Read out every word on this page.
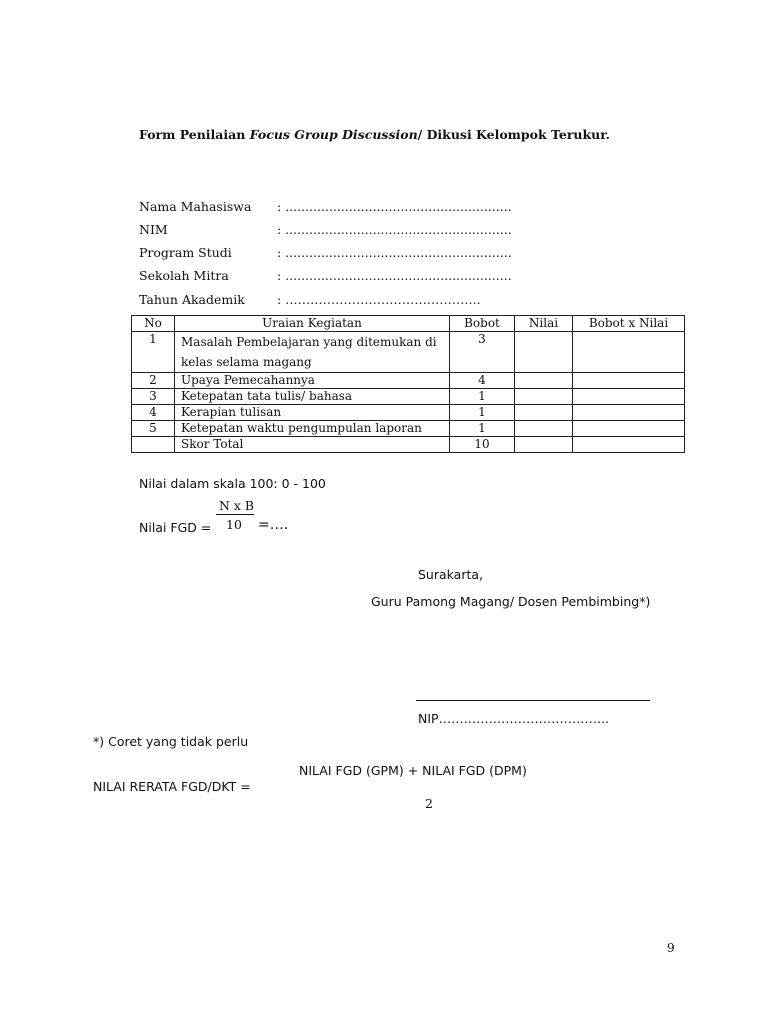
Form Penilaian Focus Group Discussion/ Dikusi Kelompok Terukur.
Nama Mahasiswa : .........................................................
NIM	: .........................................................
Program Studi	: .........................................................
Sekolah Mitra	: .........................................................
Tahun Akademik	: ………………………………………..
No	Uraian Kegiatan	Bobot	Nilai	Bobot x Nilai
1	Masalah Pembelajaran yang ditemukan di kelas selama magang	3		
2	Upaya Pemecahannya	4		
3	Ketepatan tata tulis/ bahasa	1		
4	Kerapian tulisan	1		
5	Ketepatan waktu pengumpulan laporan	1		
	Skor Total	10		
Nilai dalam skala 100: 0 - 100
N x B
Nilai FGD = 10 =….
Surakarta,
Guru Pamong Magang/ Dosen Pembimbing*)
NIP…………………………………..
*) Coret yang tidak perlu
NILAI FGD (GPM) + NILAI FGD (DPM)
NILAI RERATA FGD/DKT =
2
9
